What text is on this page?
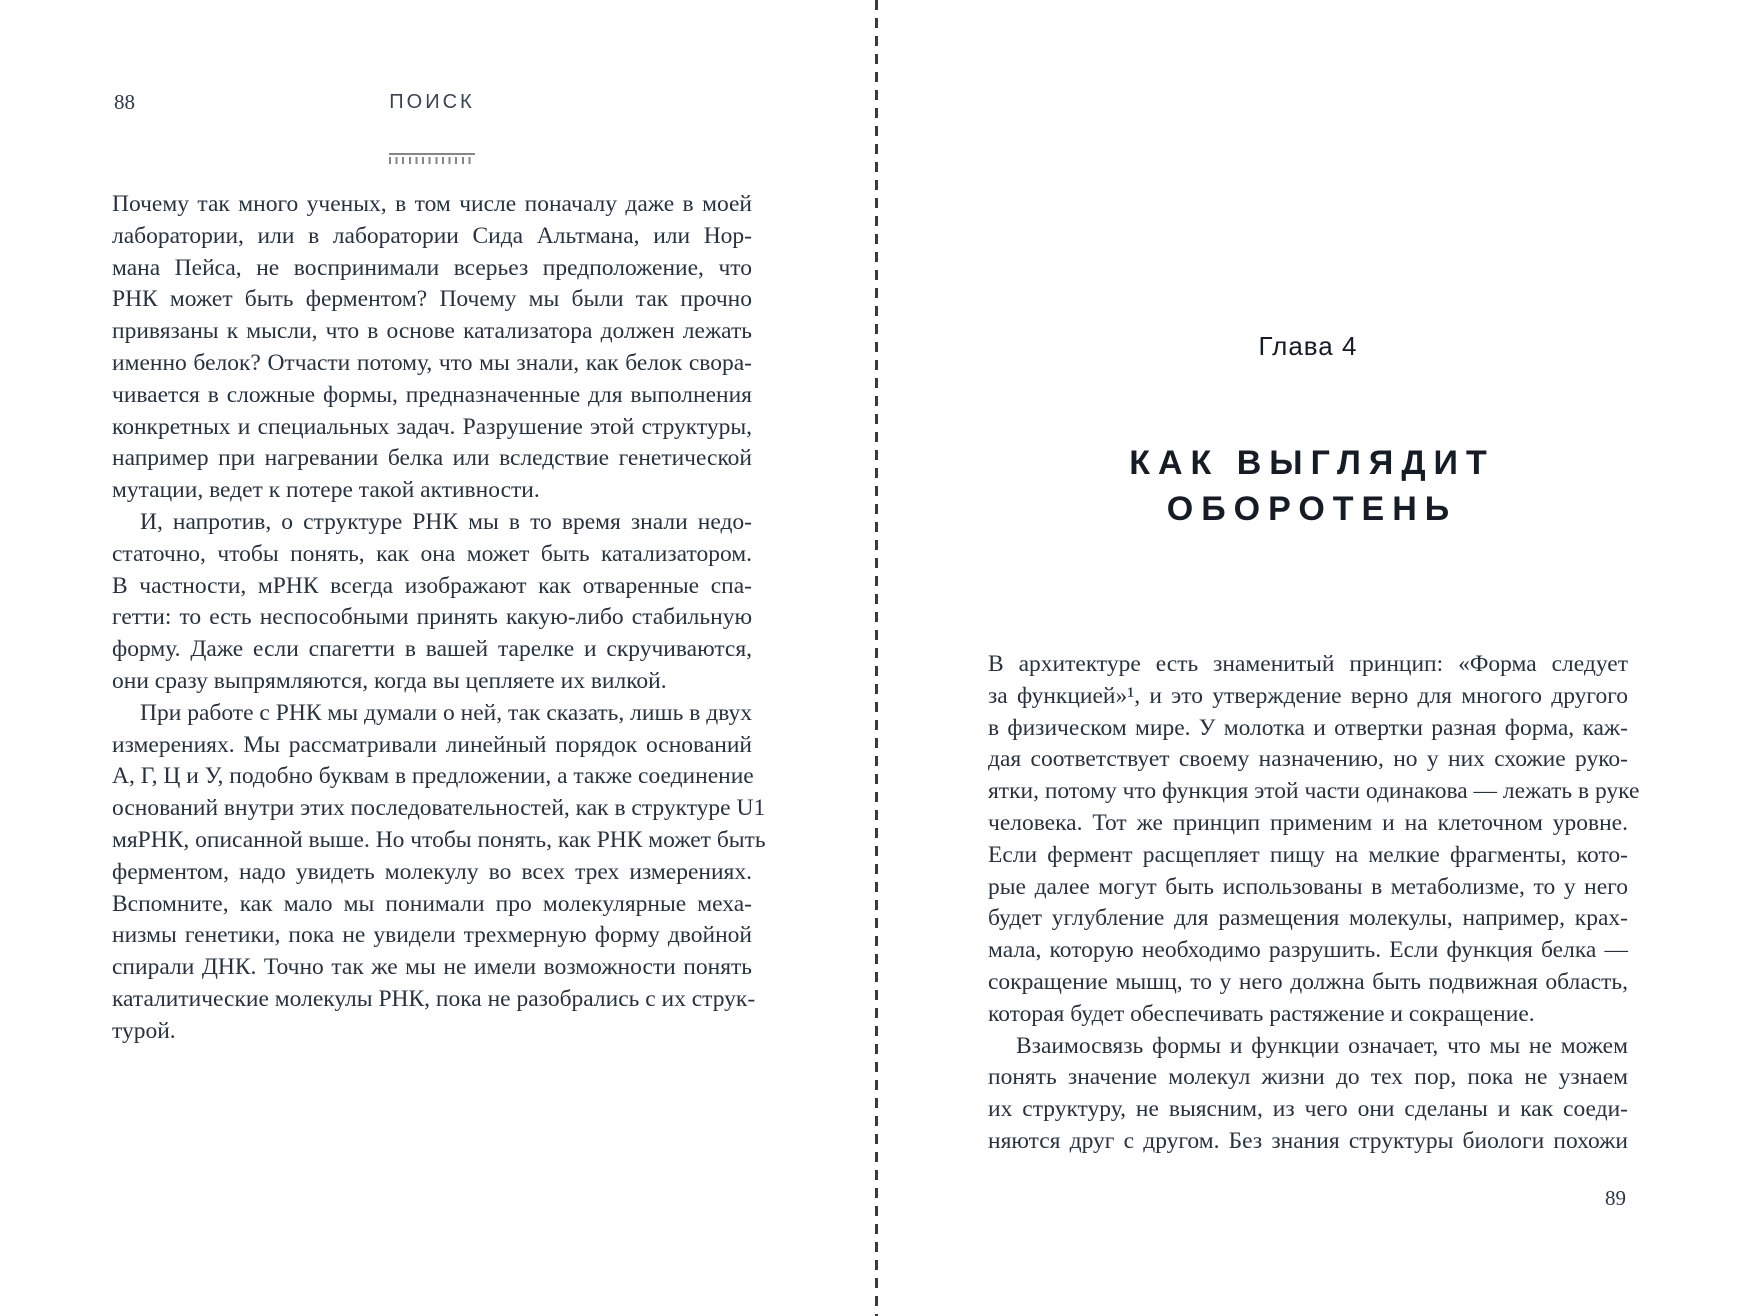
88	ПОИСК
Почему так много ученых, в том числе поначалу даже в моей
лаборатории, или в лаборатории Сида Альтмана, или Нор-
мана Пейса, не воспринимали всерьез предположение, что
РНК может быть ферментом? Почему мы были так прочно
привязаны к мысли, что в основе катализатора должен лежать
именно белок? Отчасти потому, что мы знали, как белок свора-
чивается в сложные формы, предназначенные для выполнения
конкретных и специальных задач. Разрушение этой структуры,
например при нагревании белка или вследствие генетической
мутации, ведет к потере такой активности.
И, напротив, о структуре РНК мы в то время знали недо-
статочно, чтобы понять, как она может быть катализатором.
В частности, мРНК всегда изображают как отваренные спа-
гетти: то есть неспособными принять какую-либо стабильную
форму. Даже если спагетти в вашей тарелке и скручиваются,
они сразу выпрямляются, когда вы цепляете их вилкой.
При работе с РНК мы думали о ней, так сказать, лишь в двух
измерениях. Мы рассматривали линейный порядок оснований
А, Г, Ц и У, подобно буквам в предложении, а также соединение
оснований внутри этих последовательностей, как в структуре U1
мяРНК, описанной выше. Но чтобы понять, как РНК может быть
ферментом, надо увидеть молекулу во всех трех измерениях.
Вспомните, как мало мы понимали про молекулярные меха-
низмы генетики, пока не увидели трехмерную форму двойной
спирали ДНК. Точно так же мы не имели возможности понять
каталитические молекулы РНК, пока не разобрались с их струк-
турой.
Глава 4
КАК ВЫГЛЯДИТ
ОБОРОТЕНЬ
В архитектуре есть знаменитый принцип: «Форма следует
за функцией»¹, и это утверждение верно для многого другого
в физическом мире. У молотка и отвертки разная форма, каж-
дая соответствует своему назначению, но у них схожие руко-
ятки, потому что функция этой части одинакова — лежать в руке
человека. Тот же принцип применим и на клеточном уровне.
Если фермент расщепляет пищу на мелкие фрагменты, кото-
рые далее могут быть использованы в метаболизме, то у него
будет углубление для размещения молекулы, например, крах-
мала, которую необходимо разрушить. Если функция белка —
сокращение мышц, то у него должна быть подвижная область,
которая будет обеспечивать растяжение и сокращение.
Взаимосвязь формы и функции означает, что мы не можем
понять значение молекул жизни до тех пор, пока не узнаем
их структуру, не выясним, из чего они сделаны и как соеди-
няются друг с другом. Без знания структуры биологи похожи
89
